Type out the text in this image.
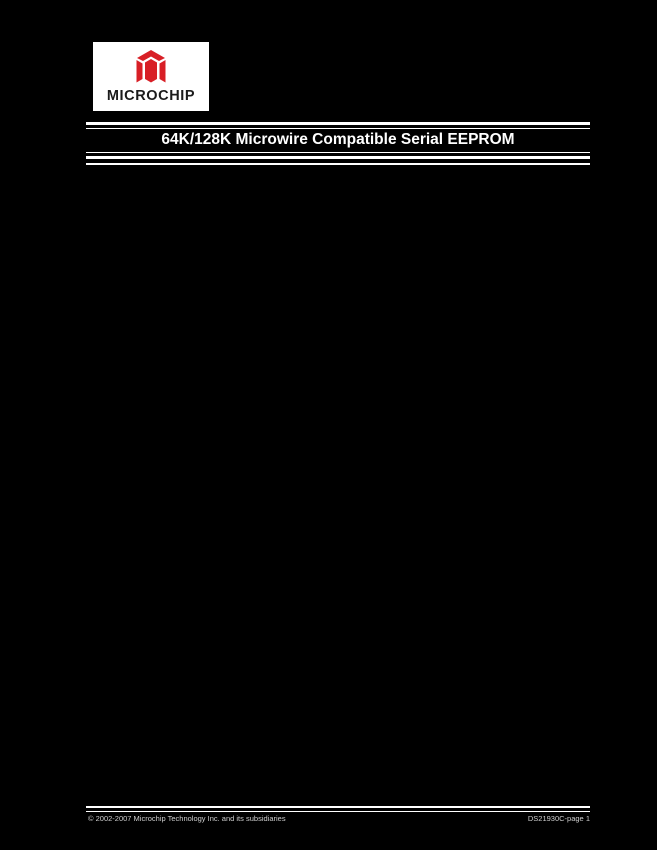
MICROCHIP
64K/128K Microwire Compatible Serial EEPROM
© 2002-2007 Microchip Technology Inc. and its subsidiaries	DS21930C-page 1
